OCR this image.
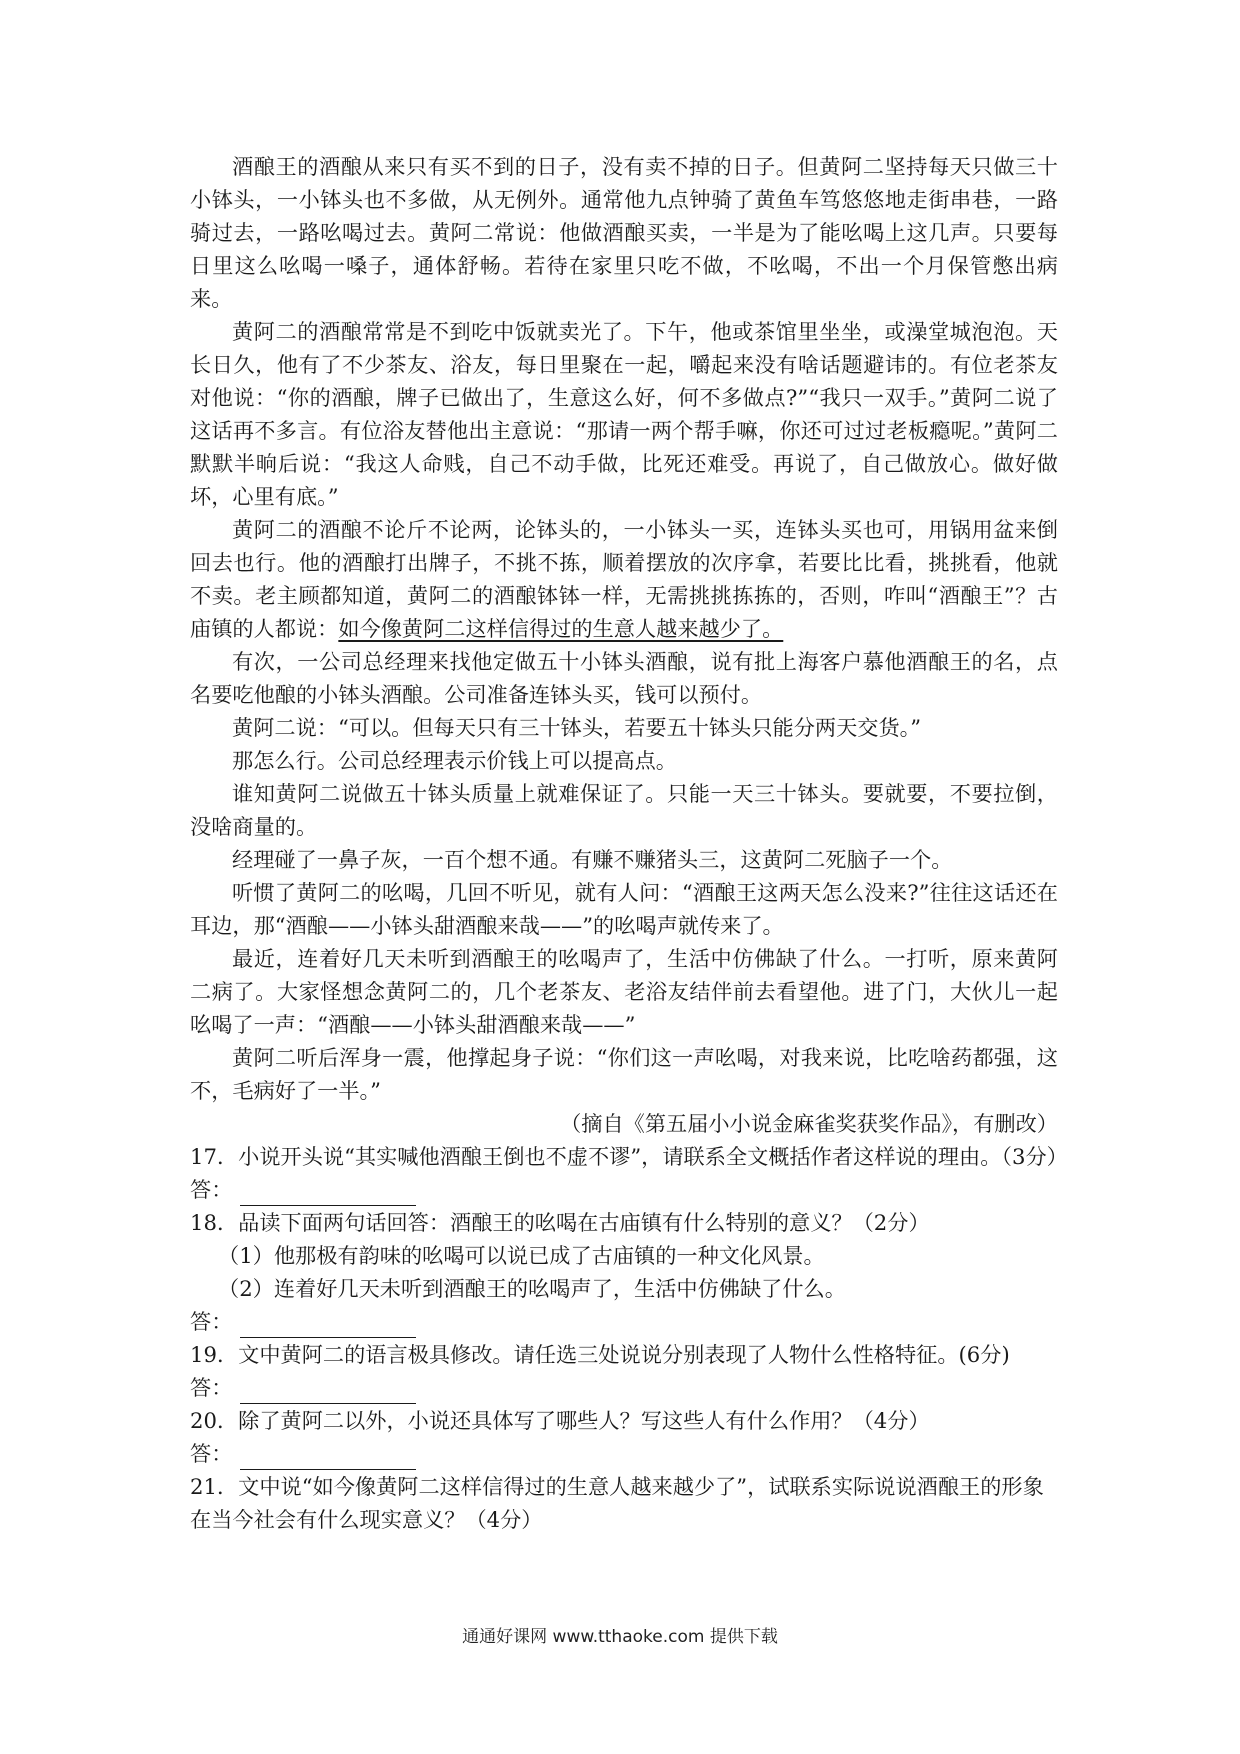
酒酿王的酒酿从来只有买不到的日子，没有卖不掉的日子。但黄阿二坚持每天只做三十小钵头，一小钵头也不多做，从无例外。通常他九点钟骑了黄鱼车笃悠悠地走街串巷，一路骑过去，一路吆喝过去。黄阿二常说：他做酒酿买卖，一半是为了能吆喝上这几声。只要每日里这么吆喝一嗓子，通体舒畅。若待在家里只吃不做，不吆喝，不出一个月保管憋出病来。

黄阿二的酒酿常常是不到吃中饭就卖光了。下午，他或茶馆里坐坐，或澡堂城泡泡。天长日久，他有了不少茶友、浴友，每日里聚在一起，嚼起来没有啥话题避讳的。有位老茶友对他说：“你的酒酿，牌子已做出了，生意这么好，何不多做点?”“我只一双手。”黄阿二说了这话再不多言。有位浴友替他出主意说：“那请一两个帮手嘛，你还可过过老板瘾呢。”黄阿二默默半晌后说：“我这人命贱，自己不动手做，比死还难受。再说了，自己做放心。做好做坏，心里有底。”

黄阿二的酒酿不论斤不论两，论钵头的，一小钵头一买，连钵头买也可，用锅用盆来倒回去也行。他的酒酿打出牌子，不挑不拣，顺着摆放的次序拿，若要比比看，挑挑看，他就不卖。老主顾都知道，黄阿二的酒酿钵钵一样，无需挑挑拣拣的，否则，咋叫“酒酿王”？古庙镇的人都说：如今像黄阿二这样信得过的生意人越来越少了。

有次，一公司总经理来找他定做五十小钵头酒酿，说有批上海客户慕他酒酿王的名，点名要吃他酿的小钵头酒酿。公司准备连钵头买，钱可以预付。

黄阿二说：“可以。但每天只有三十钵头，若要五十钵头只能分两天交货。”

那怎么行。公司总经理表示价钱上可以提高点。

谁知黄阿二说做五十钵头质量上就难保证了。只能一天三十钵头。要就要，不要拉倒，没啥商量的。

经理碰了一鼻子灰，一百个想不通。有赚不赚猪头三，这黄阿二死脑子一个。

听惯了黄阿二的吆喝，几回不听见，就有人问：“酒酿王这两天怎么没来?”往往这话还在耳边，那“酒酿——小钵头甜酒酿来哉——”的吆喝声就传来了。

最近，连着好几天未听到酒酿王的吆喝声了，生活中仿佛缺了什么。一打听，原来黄阿二病了。大家怪想念黄阿二的，几个老茶友、老浴友结伴前去看望他。进了门，大伙儿一起吆喝了一声：“酒酿——小钵头甜酒酿来哉——”

黄阿二听后浑身一震，他撑起身子说：“你们这一声吆喝，对我来说，比吃啥药都强，这不，毛病好了一半。”

（摘自《第五届小小说金麻雀奖获奖作品》，有删改）

17．小说开头说“其实喊他酒酿王倒也不虚不谬”，请联系全文概括作者这样说的理由。（3分）

答：

18．品读下面两句话回答：酒酿王的吆喝在古庙镇有什么特别的意义？（2分）

（1）他那极有韵味的吆喝可以说已成了古庙镇的一种文化风景。

（2）连着好几天未听到酒酿王的吆喝声了，生活中仿佛缺了什么。

答：

19．文中黄阿二的语言极具修改。请任选三处说说分别表现了人物什么性格特征。(6分)

答：

20．除了黄阿二以外，小说还具体写了哪些人？写这些人有什么作用？（4分）

答：

21．文中说“如今像黄阿二这样信得过的生意人越来越少了”，试联系实际说说酒酿王的形象在当今社会有什么现实意义？（4分）

通通好课网 www.tthaoke.com 提供下载
